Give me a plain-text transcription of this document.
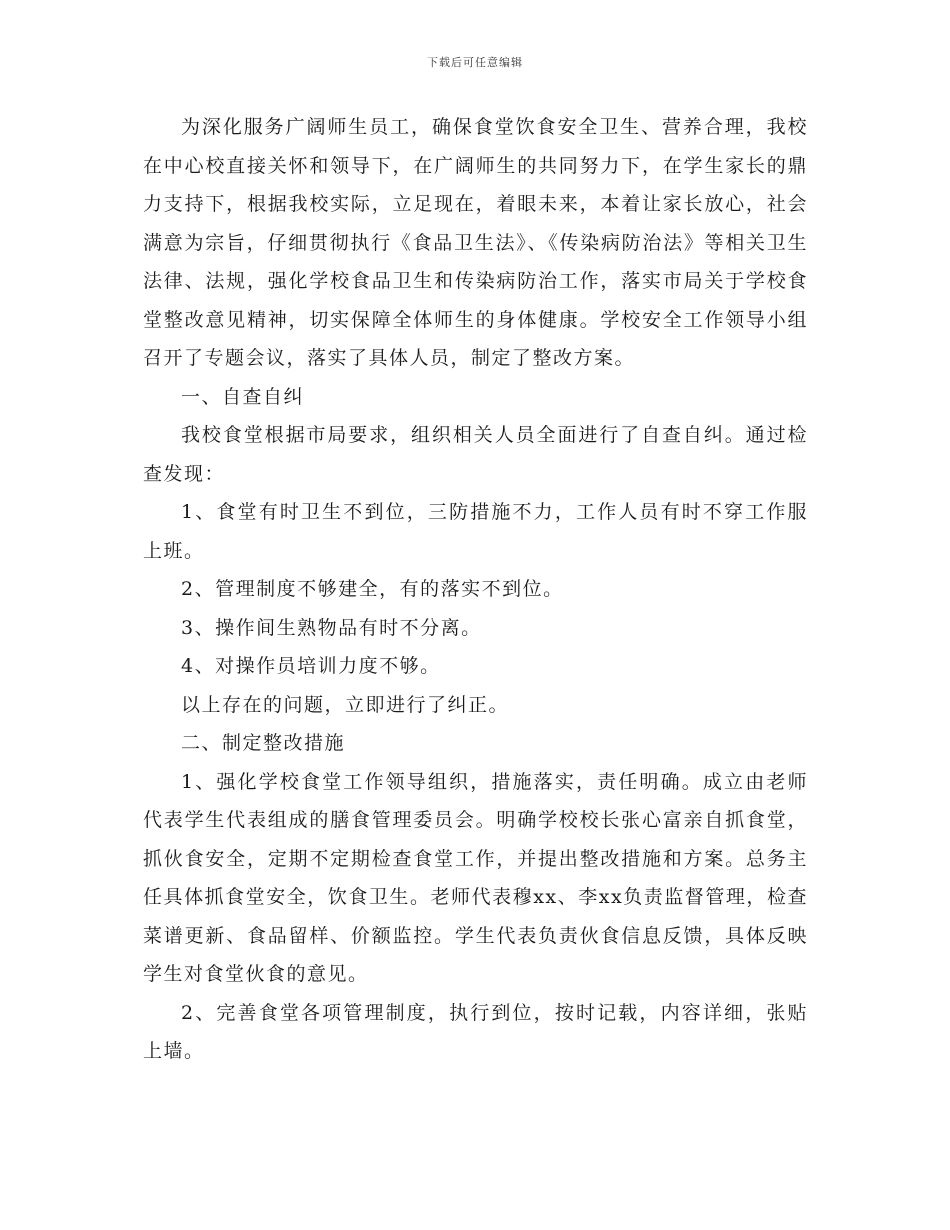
下载后可任意编辑

为深化服务广阔师生员工，确保食堂饮食安全卫生、营养合理，我校在中心校直接关怀和领导下，在广阔师生的共同努力下，在学生家长的鼎力支持下，根据我校实际，立足现在，着眼未来，本着让家长放心，社会满意为宗旨，仔细贯彻执行《食品卫生法》、《传染病防治法》等相关卫生法律、法规，强化学校食品卫生和传染病防治工作，落实市局关于学校食堂整改意见精神，切实保障全体师生的身体健康。学校安全工作领导小组召开了专题会议，落实了具体人员，制定了整改方案。

一、自查自纠

我校食堂根据市局要求，组织相关人员全面进行了自查自纠。通过检查发现：

1、食堂有时卫生不到位，三防措施不力，工作人员有时不穿工作服上班。

2、管理制度不够建全，有的落实不到位。

3、操作间生熟物品有时不分离。

4、对操作员培训力度不够。

以上存在的问题，立即进行了纠正。

二、制定整改措施

1、强化学校食堂工作领导组织，措施落实，责任明确。成立由老师代表学生代表组成的膳食管理委员会。明确学校校长张心富亲自抓食堂，抓伙食安全，定期不定期检查食堂工作，并提出整改措施和方案。总务主任具体抓食堂安全，饮食卫生。老师代表穆xx、李xx负责监督管理，检查菜谱更新、食品留样、价额监控。学生代表负责伙食信息反馈，具体反映学生对食堂伙食的意见。

2、完善食堂各项管理制度，执行到位，按时记载，内容详细，张贴上墙。
